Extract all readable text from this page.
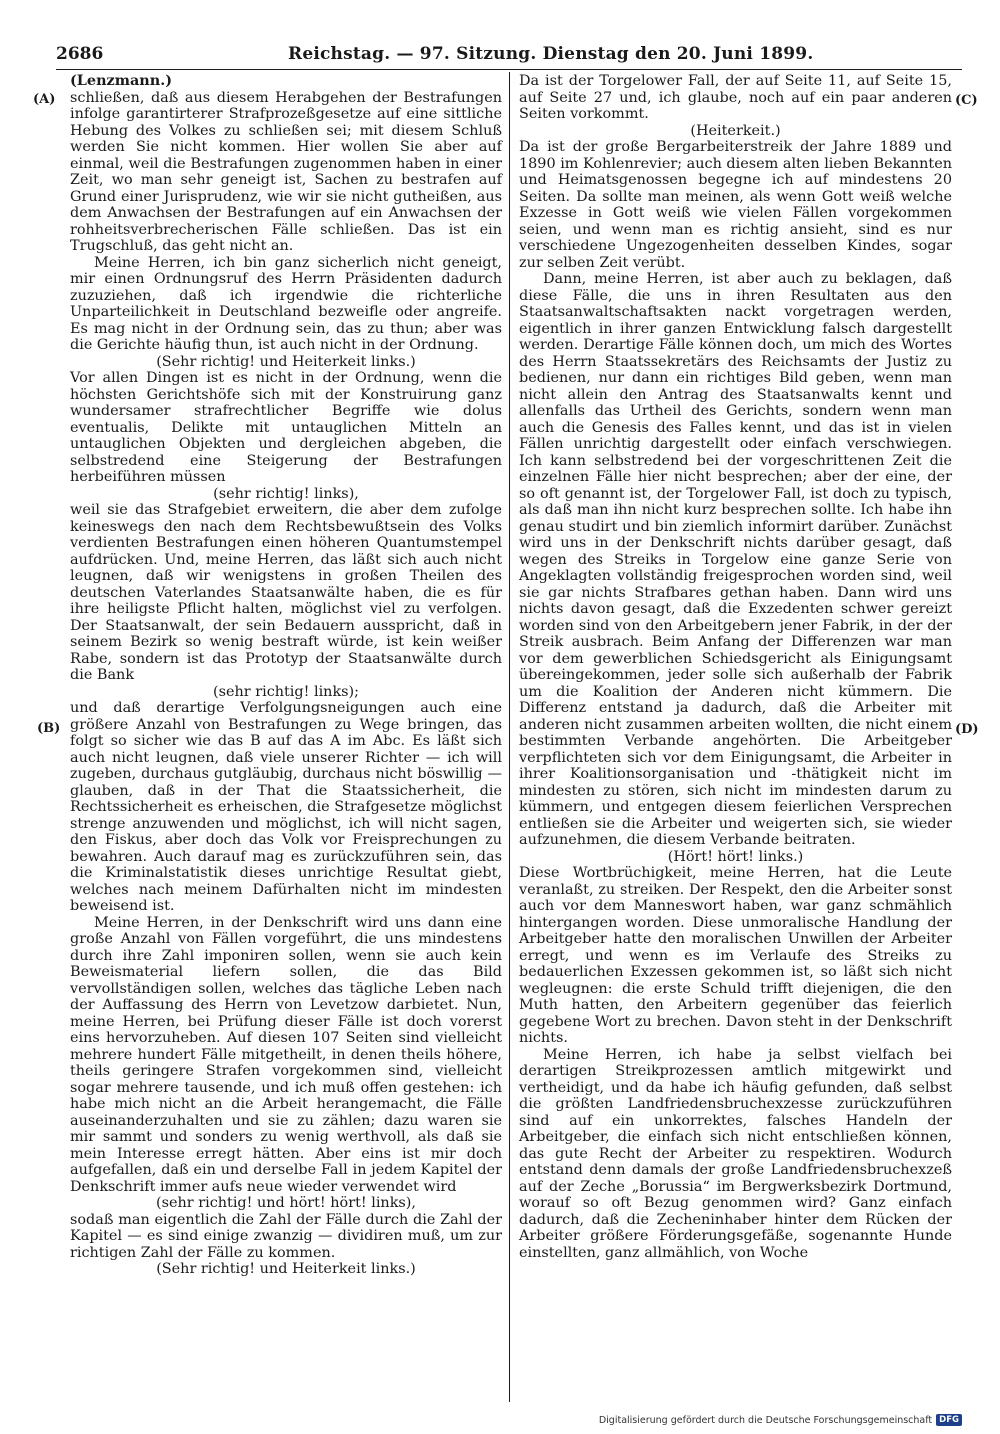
2686	Reichstag. — 97. Sitzung. Dienstag den 20. Juni 1899.
(A)
(B)
(C)
(D)

(Lenzmann.)

schließen, daß aus diesem Herabgehen der Bestrafungen infolge garantirterer Strafprozeßgesetze auf eine sittliche Hebung des Volkes zu schließen sei; mit diesem Schluß werden Sie nicht kommen. Hier wollen Sie aber auf einmal, weil die Bestrafungen zugenommen haben in einer Zeit, wo man sehr geneigt ist, Sachen zu bestrafen auf Grund einer Jurisprudenz, wie wir sie nicht gutheißen, aus dem Anwachsen der Bestrafungen auf ein Anwachsen der rohheitsverbrecherischen Fälle schließen. Das ist ein Trugschluß, das geht nicht an.

Meine Herren, ich bin ganz sicherlich nicht geneigt, mir einen Ordnungsruf des Herrn Präsidenten dadurch zuzuziehen, daß ich irgendwie die richterliche Unparteilichkeit in Deutschland bezweifle oder angreife. Es mag nicht in der Ordnung sein, das zu thun; aber was die Gerichte häufig thun, ist auch nicht in der Ordnung.

(Sehr richtig! und Heiterkeit links.)

Vor allen Dingen ist es nicht in der Ordnung, wenn die höchsten Gerichtshöfe sich mit der Konstruirung ganz wundersamer strafrechtlicher Begriffe wie dolus eventualis, Delikte mit untauglichen Mitteln an untauglichen Objekten und dergleichen abgeben, die selbstredend eine Steigerung der Bestrafungen herbeiführen müssen

(sehr richtig! links),

weil sie das Strafgebiet erweitern, die aber dem zufolge keineswegs den nach dem Rechtsbewußtsein des Volks verdienten Bestrafungen einen höheren Quantumstempel aufdrücken. Und, meine Herren, das läßt sich auch nicht leugnen, daß wir wenigstens in großen Theilen des deutschen Vaterlandes Staatsanwälte haben, die es für ihre heiligste Pflicht halten, möglichst viel zu verfolgen. Der Staatsanwalt, der sein Bedauern ausspricht, daß in seinem Bezirk so wenig bestraft würde, ist kein weißer Rabe, sondern ist das Prototyp der Staatsanwälte durch die Bank

(sehr richtig! links);

und daß derartige Verfolgungsneigungen auch eine größere Anzahl von Bestrafungen zu Wege bringen, das folgt so sicher wie das B auf das A im Abc. Es läßt sich auch nicht leugnen, daß viele unserer Richter — ich will zugeben, durchaus gutgläubig, durchaus nicht böswillig — glauben, daß in der That die Staatssicherheit, die Rechtssicherheit es erheischen, die Strafgesetze möglichst strenge anzuwenden und möglichst, ich will nicht sagen, den Fiskus, aber doch das Volk vor Freisprechungen zu bewahren. Auch darauf mag es zurückzuführen sein, das die Kriminalstatistik dieses unrichtige Resultat giebt, welches nach meinem Dafürhalten nicht im mindesten beweisend ist.

Meine Herren, in der Denkschrift wird uns dann eine große Anzahl von Fällen vorgeführt, die uns mindestens durch ihre Zahl imponiren sollen, wenn sie auch kein Beweismaterial liefern sollen, die das Bild vervollständigen sollen, welches das tägliche Leben nach der Auffassung des Herrn von Levetzow darbietet. Nun, meine Herren, bei Prüfung dieser Fälle ist doch vorerst eins hervorzuheben. Auf diesen 107 Seiten sind vielleicht mehrere hundert Fälle mitgetheilt, in denen theils höhere, theils geringere Strafen vorgekommen sind, vielleicht sogar mehrere tausende, und ich muß offen gestehen: ich habe mich nicht an die Arbeit herangemacht, die Fälle auseinanderzuhalten und sie zu zählen; dazu waren sie mir sammt und sonders zu wenig werthvoll, als daß sie mein Interesse erregt hätten. Aber eins ist mir doch aufgefallen, daß ein und derselbe Fall in jedem Kapitel der Denkschrift immer aufs neue wieder verwendet wird

(sehr richtig! und hört! hört! links),

sodaß man eigentlich die Zahl der Fälle durch die Zahl der Kapitel — es sind einige zwanzig — dividiren muß, um zur richtigen Zahl der Fälle zu kommen.

(Sehr richtig! und Heiterkeit links.)

Da ist der Torgelower Fall, der auf Seite 11, auf Seite 15, auf Seite 27 und, ich glaube, noch auf ein paar anderen Seiten vorkommt.

(Heiterkeit.)

Da ist der große Bergarbeiterstreik der Jahre 1889 und 1890 im Kohlenrevier; auch diesem alten lieben Bekannten und Heimatsgenossen begegne ich auf mindestens 20 Seiten. Da sollte man meinen, als wenn Gott weiß welche Exzesse in Gott weiß wie vielen Fällen vorgekommen seien, und wenn man es richtig ansieht, sind es nur verschiedene Ungezogenheiten desselben Kindes, sogar zur selben Zeit verübt.

Dann, meine Herren, ist aber auch zu beklagen, daß diese Fälle, die uns in ihren Resultaten aus den Staatsanwaltschaftsakten nackt vorgetragen werden, eigentlich in ihrer ganzen Entwicklung falsch dargestellt werden. Derartige Fälle können doch, um mich des Wortes des Herrn Staatssekretärs des Reichsamts der Justiz zu bedienen, nur dann ein richtiges Bild geben, wenn man nicht allein den Antrag des Staatsanwalts kennt und allenfalls das Urtheil des Gerichts, sondern wenn man auch die Genesis des Falles kennt, und das ist in vielen Fällen unrichtig dargestellt oder einfach verschwiegen. Ich kann selbstredend bei der vorgeschrittenen Zeit die einzelnen Fälle hier nicht besprechen; aber der eine, der so oft genannt ist, der Torgelower Fall, ist doch zu typisch, als daß man ihn nicht kurz besprechen sollte. Ich habe ihn genau studirt und bin ziemlich informirt darüber. Zunächst wird uns in der Denkschrift nichts darüber gesagt, daß wegen des Streiks in Torgelow eine ganze Serie von Angeklagten vollständig freigesprochen worden sind, weil sie gar nichts Strafbares gethan haben. Dann wird uns nichts davon gesagt, daß die Exzedenten schwer gereizt worden sind von den Arbeitgebern jener Fabrik, in der der Streik ausbrach. Beim Anfang der Differenzen war man vor dem gewerblichen Schiedsgericht als Einigungsamt übereingekommen, jeder solle sich außerhalb der Fabrik um die Koalition der Anderen nicht kümmern. Die Differenz entstand ja dadurch, daß die Arbeiter mit anderen nicht zusammen arbeiten wollten, die nicht einem bestimmten Verbande angehörten. Die Arbeitgeber verpflichteten sich vor dem Einigungsamt, die Arbeiter in ihrer Koalitionsorganisation und -thätigkeit nicht im mindesten zu stören, sich nicht im mindesten darum zu kümmern, und entgegen diesem feierlichen Versprechen entließen sie die Arbeiter und weigerten sich, sie wieder aufzunehmen, die diesem Verbande beitraten.

(Hört! hört! links.)

Diese Wortbrüchigkeit, meine Herren, hat die Leute veranlaßt, zu streiken. Der Respekt, den die Arbeiter sonst auch vor dem Manneswort haben, war ganz schmählich hintergangen worden. Diese unmoralische Handlung der Arbeitgeber hatte den moralischen Unwillen der Arbeiter erregt, und wenn es im Verlaufe des Streiks zu bedauerlichen Exzessen gekommen ist, so läßt sich nicht wegleugnen: die erste Schuld trifft diejenigen, die den Muth hatten, den Arbeitern gegenüber das feierlich gegebene Wort zu brechen. Davon steht in der Denkschrift nichts.

Meine Herren, ich habe ja selbst vielfach bei derartigen Streikprozessen amtlich mitgewirkt und vertheidigt, und da habe ich häufig gefunden, daß selbst die größten Landfriedensbruchexzesse zurückzuführen sind auf ein unkorrektes, falsches Handeln der Arbeitgeber, die einfach sich nicht entschließen können, das gute Recht der Arbeiter zu respektiren. Wodurch entstand denn damals der große Landfriedensbruchexzeß auf der Zeche „Borussia“ im Bergwerksbezirk Dortmund, worauf so oft Bezug genommen wird? Ganz einfach dadurch, daß die Zecheninhaber hinter dem Rücken der Arbeiter größere Förderungsgefäße, sogenannte Hunde einstellten, ganz allmählich, von Woche

Digitalisierung gefördert durch die Deutsche Forschungsgemeinschaft DFG
